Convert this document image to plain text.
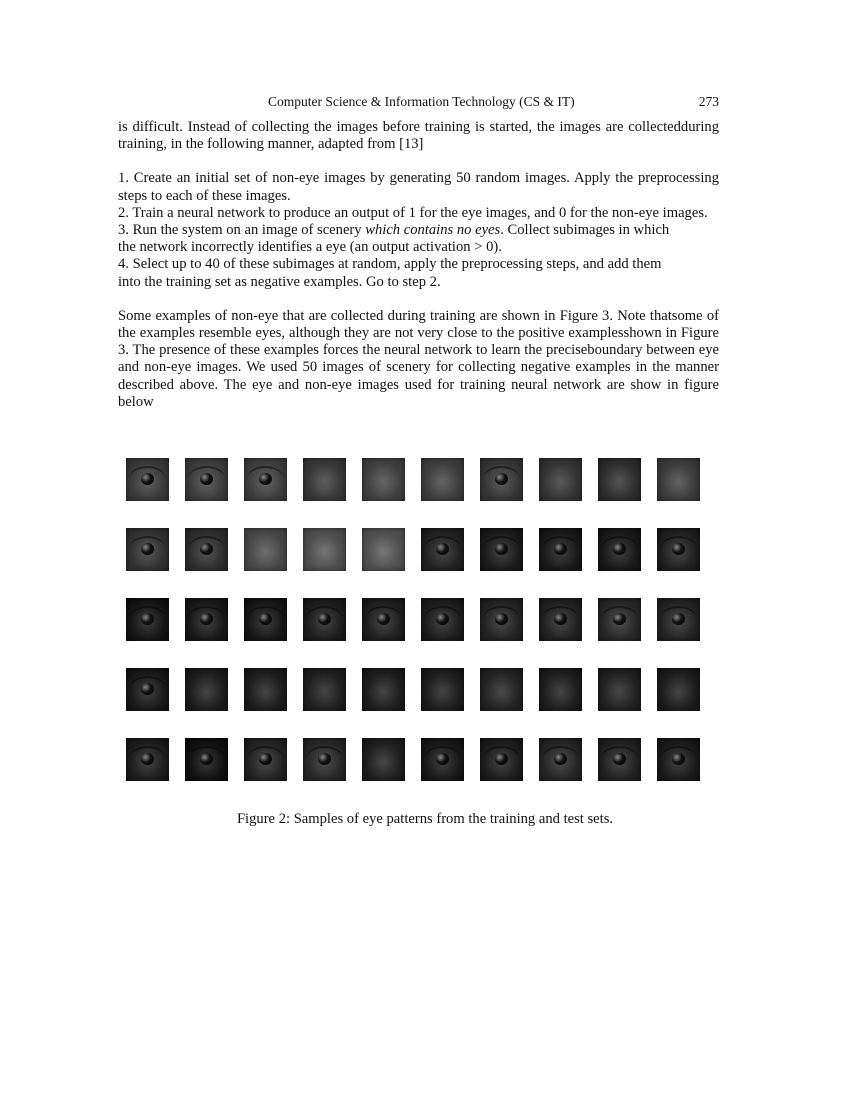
Computer Science & Information Technology (CS & IT)	273

is difficult. Instead of collecting the images before training is started, the images are collectedduring training, in the following manner, adapted from [13]

1. Create an initial set of non-eye images by generating 50 random images. Apply the preprocessing steps to each of these images.

2. Train a neural network to produce an output of 1 for the eye images, and 0 for the non-eye images.

3. Run the system on an image of scenery which contains no eyes. Collect subimages in which
the network incorrectly identifies a eye (an output activation > 0).

4. Select up to 40 of these subimages at random, apply the preprocessing steps, and add them
into the training set as negative examples. Go to step 2.

Some examples of non-eye that are collected during training are shown in Figure 3. Note thatsome of the examples resemble eyes, although they are not very close to the positive examplesshown in Figure 3. The presence of these examples forces the neural network to learn the preciseboundary between eye and non-eye images. We used 50 images of scenery for collecting negative examples in the manner described above. The eye and non-eye images used for training neural network are show in figure below

Figure 2: Samples of eye patterns from the training and test sets.
